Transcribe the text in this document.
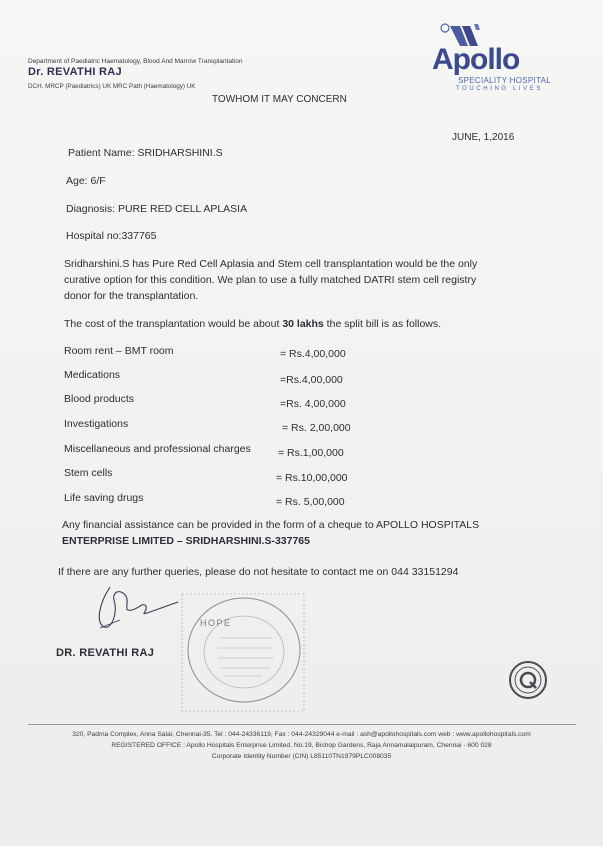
Department of Paediatric Haematology, Blood And Marrow Transplantation
Dr. REVATHI RAJ
DCH. MRCP (Paediatrics) UK MRC Path (Haematology) UK
TOWHOM IT MAY CONCERN
Apollo
SPECIALITY HOSPITAL
TOUCHING LIVES
JUNE, 1,2016
Patient Name: SRIDHARSHINI.S
Age: 6/F
Diagnosis: PURE RED CELL APLASIA
Hospital no:337765
Sridharshini.S has Pure Red Cell Aplasia and Stem cell transplantation would be the only
curative option for this condition. We plan to use a fully matched DATRI stem cell registry
donor for the transplantation.
The cost of the transplantation would be about 30 lakhs the split bill is as follows.
Room rent – BMT room	= Rs.4,00,000
Medications	=Rs.4,00,000
Blood products	=Rs. 4,00,000
Investigations	= Rs. 2,00,000
Miscellaneous and professional charges	= Rs.1,00,000
Stem cells	= Rs.10,00,000
Life saving drugs	= Rs. 5,00,000
Any financial assistance can be provided in the form of a cheque to APOLLO HOSPITALS
ENTERPRISE LIMITED – SRIDHARSHINI.S-337765
If there are any further queries, please do not hesitate to contact me on 044 33151294
DR. REVATHI RAJ
HOPE
320, Padma Complex, Anna Salai, Chennai-35. Tel : 044-24336119, Fax : 044-24329044 e-mail : ash@apollohospitals.com web : www.apollohospitals.com
REGISTERED OFFICE : Apollo Hospitals Enterprise Limited, No.19, Bishop Gardens, Raja Annamalaipuram, Chennai - 600 028
Corporate Identity Number (CIN) L85110TN1979PLC008035
